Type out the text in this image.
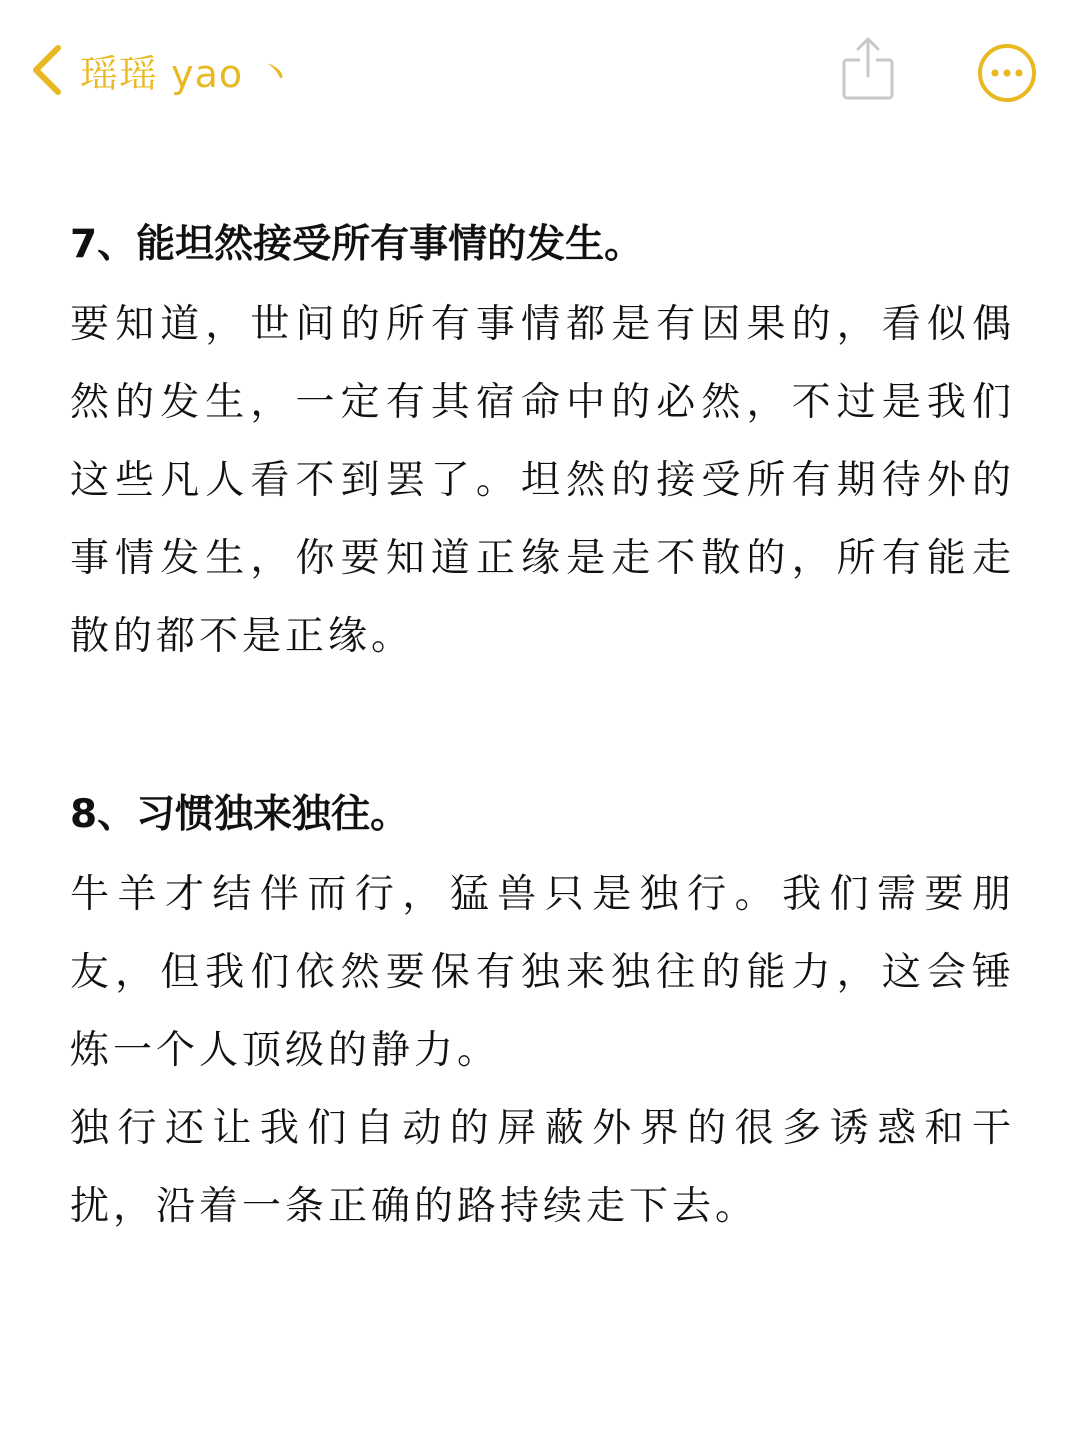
瑶瑶 yao 丶

7、能坦然接受所有事情的发生。

要知道，世间的所有事情都是有因果的，看似偶然的发生，一定有其宿命中的必然，不过是我们这些凡人看不到罢了。坦然的接受所有期待外的事情发生，你要知道正缘是走不散的，所有能走散的都不是正缘。

8、习惯独来独往。

牛羊才结伴而行，猛兽只是独行。我们需要朋友，但我们依然要保有独来独往的能力，这会锤炼一个人顶级的静力。

独行还让我们自动的屏蔽外界的很多诱惑和干扰，沿着一条正确的路持续走下去。
